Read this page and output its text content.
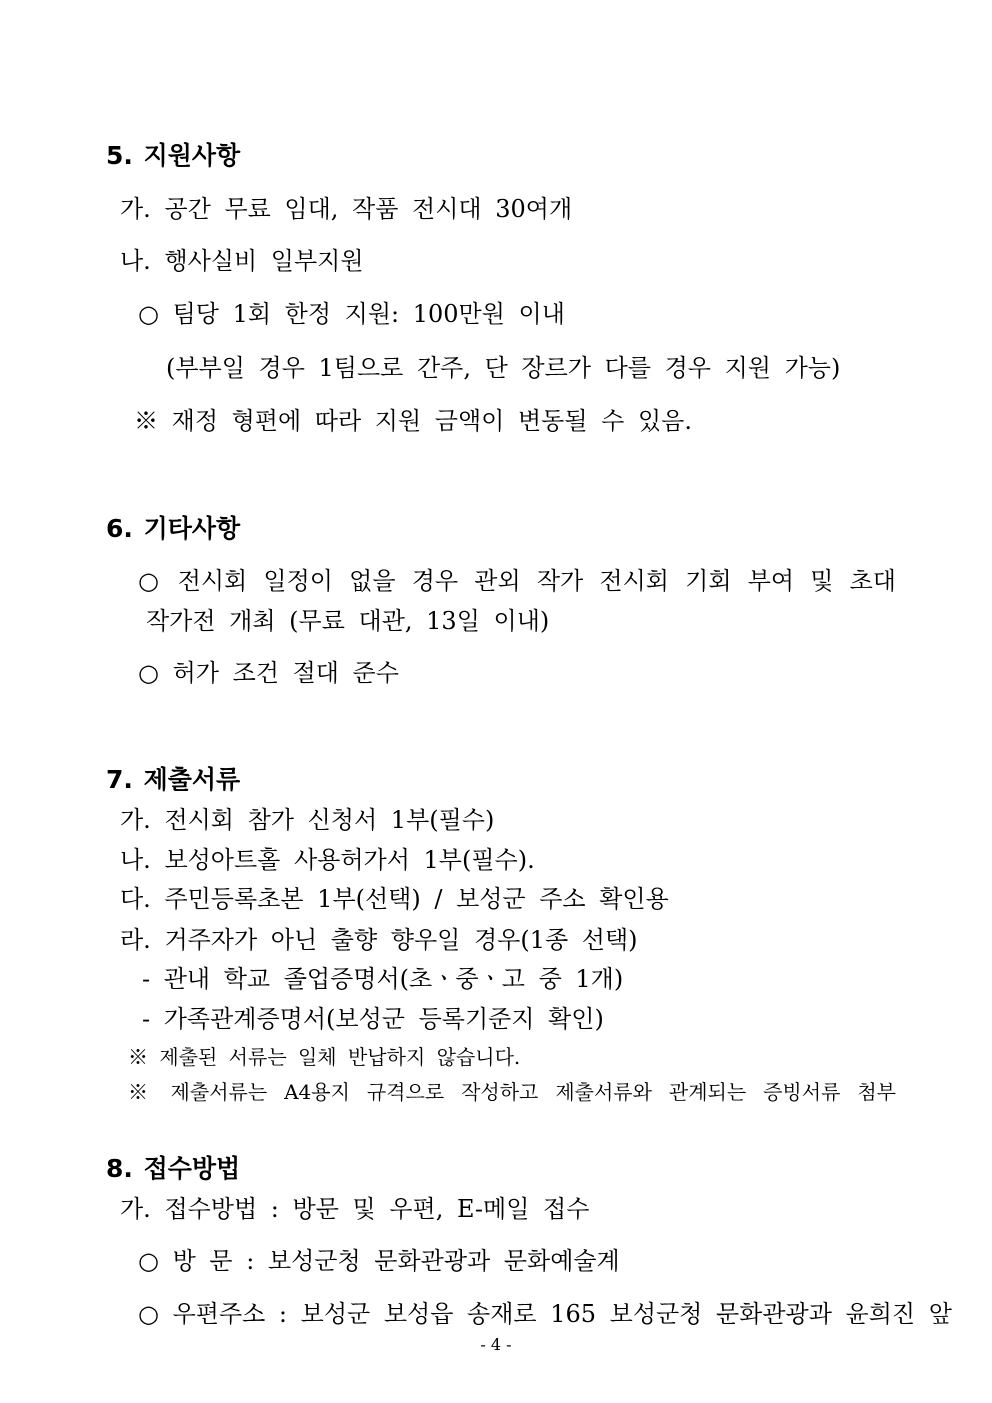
5. 지원사항
가. 공간 무료 임대, 작품 전시대 30여개
나. 행사실비 일부지원
○ 팀당 1회 한정 지원: 100만원 이내
(부부일 경우 1팀으로 간주, 단 장르가 다를 경우 지원 가능)
※ 재정 형편에 따라 지원 금액이 변동될 수 있음.
6. 기타사항
○ 전시회 일정이 없을 경우 관외 작가 전시회 기회 부여 및 초대
작가전 개최 (무료 대관, 13일 이내)
○ 허가 조건 절대 준수
7. 제출서류
가. 전시회 참가 신청서 1부(필수)
나. 보성아트홀 사용허가서 1부(필수).
다. 주민등록초본 1부(선택) / 보성군 주소 확인용
라. 거주자가 아닌 출향 향우일 경우(1종 선택)
- 관내 학교 졸업증명서(초ㆍ중ㆍ고 중 1개)
- 가족관계증명서(보성군 등록기준지 확인)
※ 제출된 서류는 일체 반납하지 않습니다.
※ 제출서류는 A4용지 규격으로 작성하고 제출서류와 관계되는 증빙서류 첨부
8. 접수방법
가. 접수방법 : 방문 및 우편, E-메일 접수
○ 방 문 : 보성군청 문화관광과 문화예술계
○ 우편주소 : 보성군 보성읍 송재로 165 보성군청 문화관광과 윤희진 앞
- 4 -
